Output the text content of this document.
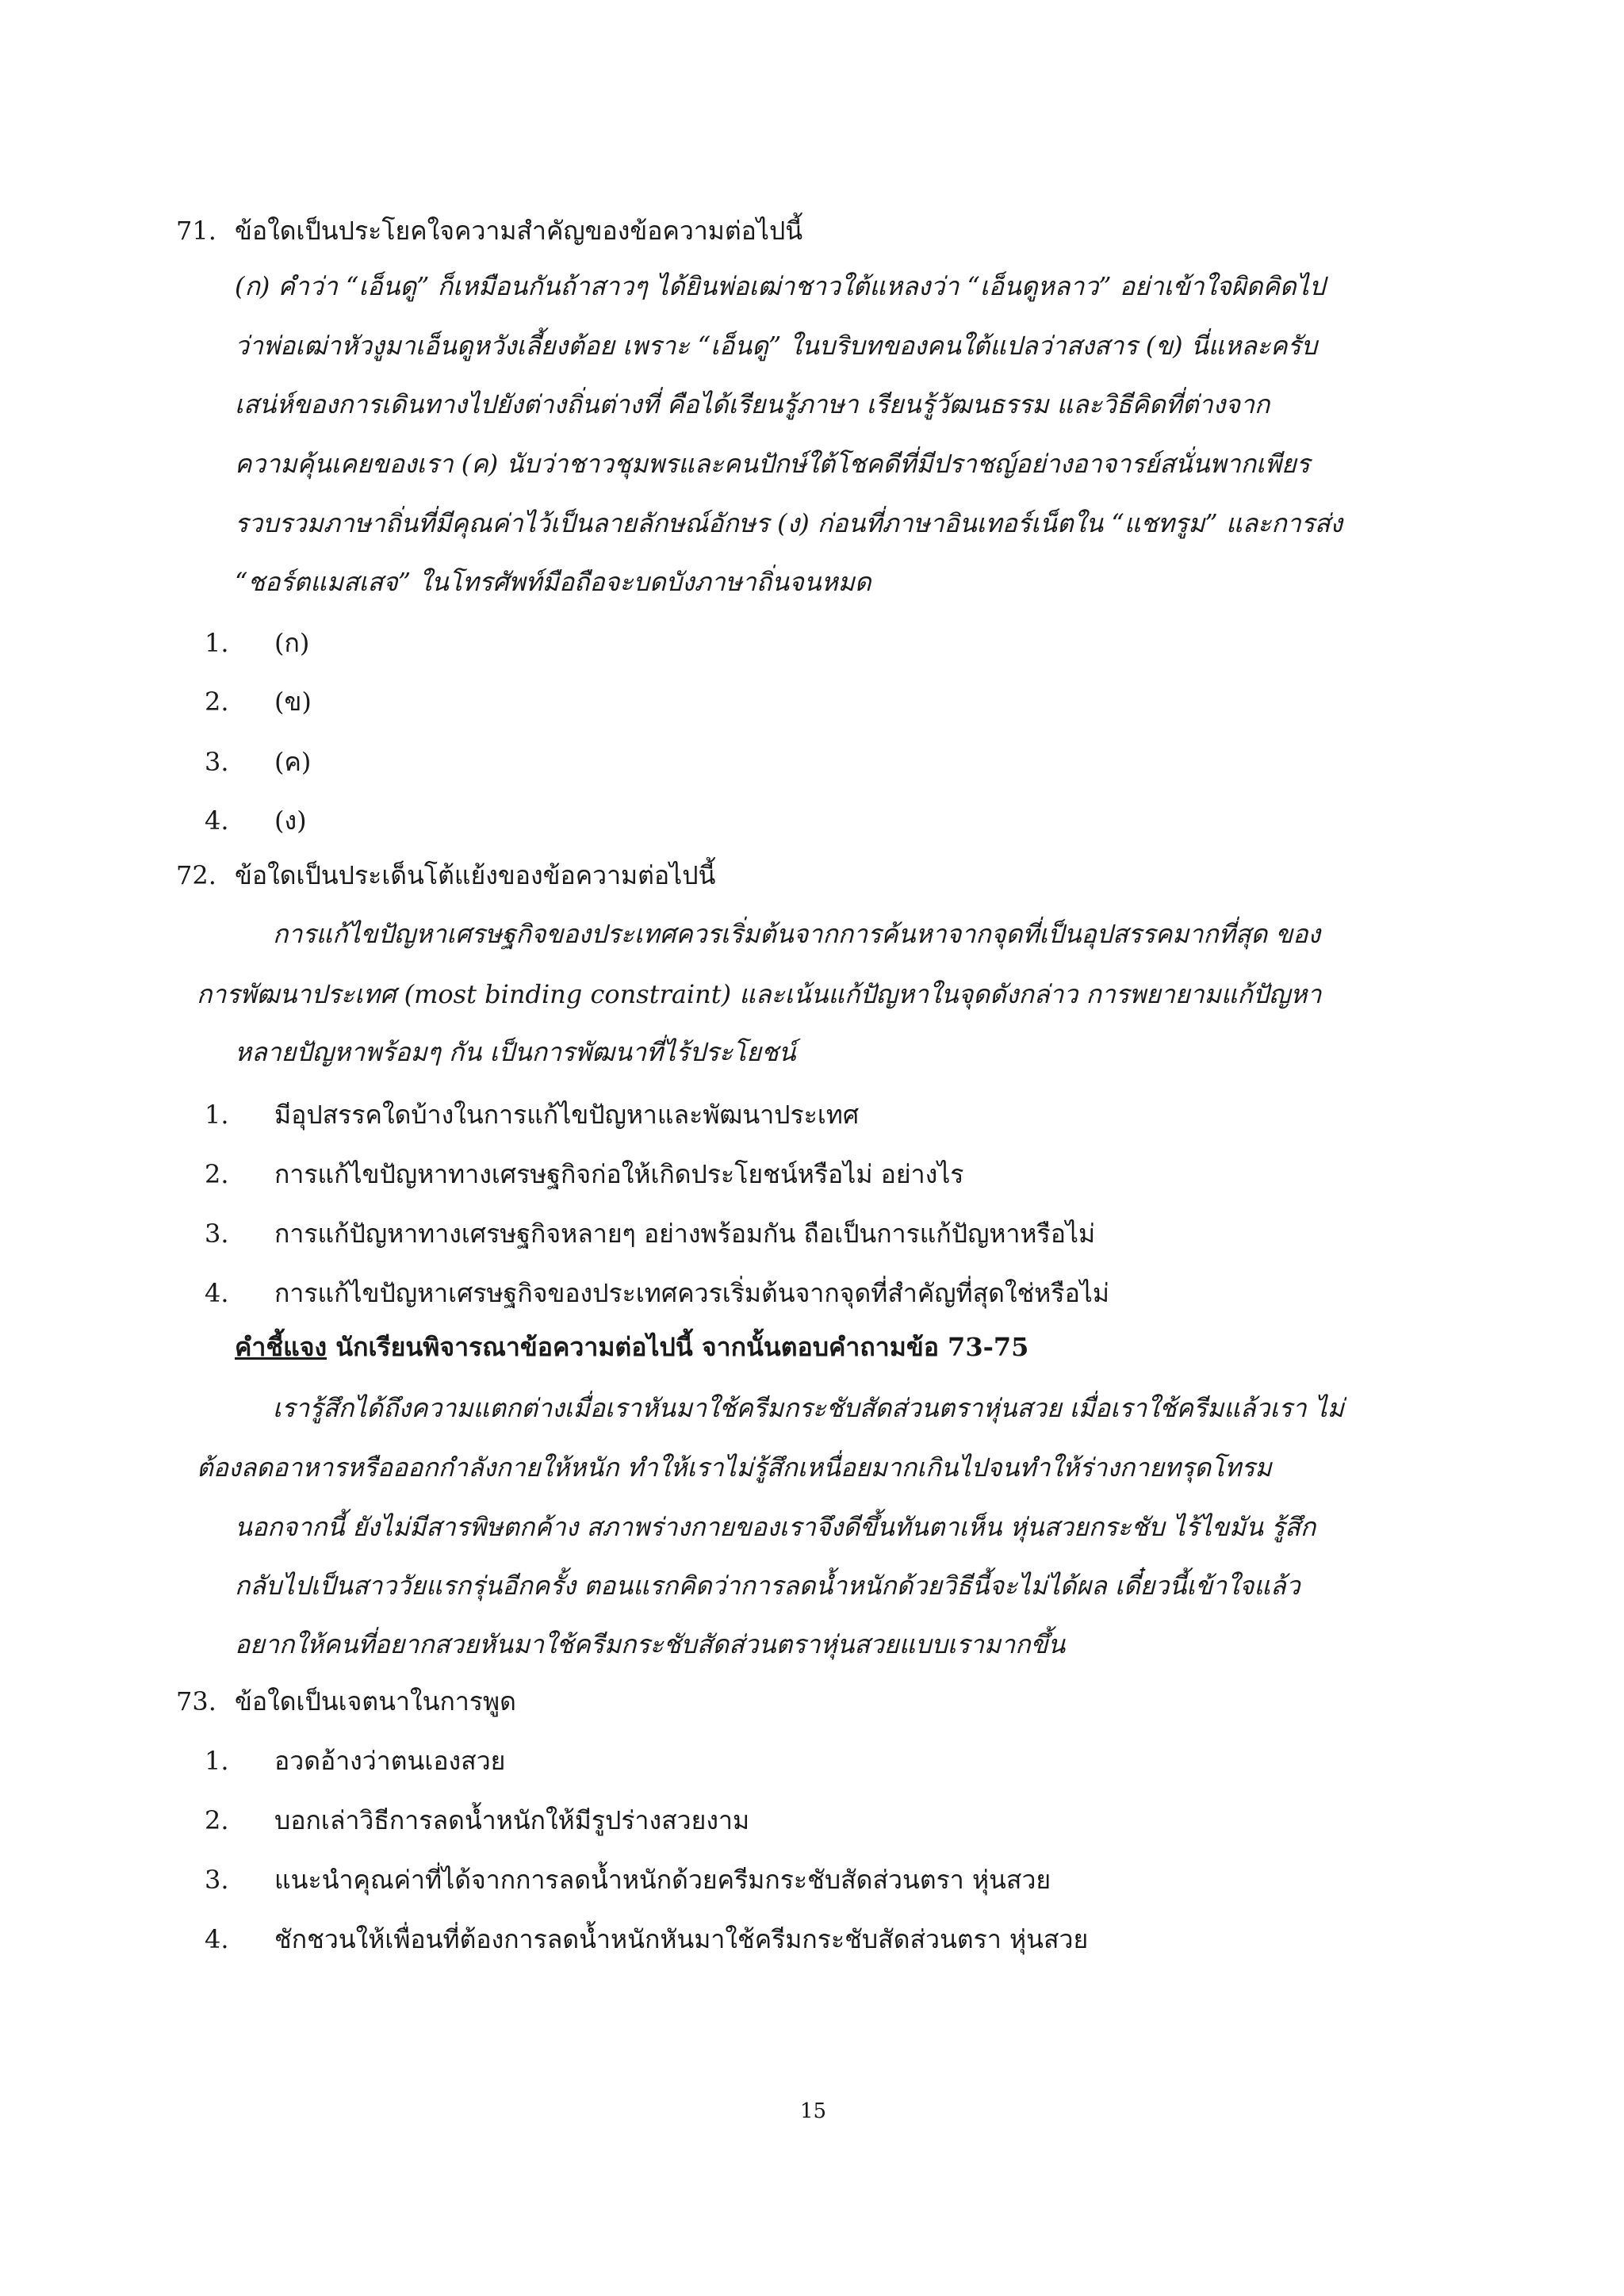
71. ข้อใดเป็นประโยคใจความสำคัญของข้อความต่อไปนี้
(ก) คำว่า “เอ็นดู” ก็เหมือนกันถ้าสาวๆ ได้ยินพ่อเฒ่าชาวใต้แหลงว่า “เอ็นดูหลาว” อย่าเข้าใจผิดคิดไป
ว่าพ่อเฒ่าหัวงูมาเอ็นดูหวังเลี้ยงต้อย เพราะ “เอ็นดู” ในบริบทของคนใต้แปลว่าสงสาร (ข) นี่แหละครับ
เสน่ห์ของการเดินทางไปยังต่างถิ่นต่างที่ คือได้เรียนรู้ภาษา เรียนรู้วัฒนธรรม และวิธีคิดที่ต่างจาก
ความคุ้นเคยของเรา (ค) นับว่าชาวชุมพรและคนปักษ์ใต้โชคดีที่มีปราชญ์อย่างอาจารย์สนั่นพากเพียร
รวบรวมภาษาถิ่นที่มีคุณค่าไว้เป็นลายลักษณ์อักษร (ง) ก่อนที่ภาษาอินเทอร์เน็ตใน “แชทรูม” และการส่ง
“ชอร์ตแมสเสจ” ในโทรศัพท์มือถือจะบดบังภาษาถิ่นจนหมด
1. (ก)
2. (ข)
3. (ค)
4. (ง)
72. ข้อใดเป็นประเด็นโต้แย้งของข้อความต่อไปนี้
การแก้ไขปัญหาเศรษฐกิจของประเทศควรเริ่มต้นจากการค้นหาจากจุดที่เป็นอุปสรรคมากที่สุด ของ
การพัฒนาประเทศ (most binding constraint) และเน้นแก้ปัญหาในจุดดังกล่าว การพยายามแก้ปัญหา
หลายปัญหาพร้อมๆ กัน เป็นการพัฒนาที่ไร้ประโยชน์
1. มีอุปสรรคใดบ้างในการแก้ไขปัญหาและพัฒนาประเทศ
2. การแก้ไขปัญหาทางเศรษฐกิจก่อให้เกิดประโยชน์หรือไม่ อย่างไร
3. การแก้ปัญหาทางเศรษฐกิจหลายๆ อย่างพร้อมกัน ถือเป็นการแก้ปัญหาหรือไม่
4. การแก้ไขปัญหาเศรษฐกิจของประเทศควรเริ่มต้นจากจุดที่สำคัญที่สุดใช่หรือไม่
คำชี้แจง นักเรียนพิจารณาข้อความต่อไปนี้ จากนั้นตอบคำถามข้อ 73-75
เรารู้สึกได้ถึงความแตกต่างเมื่อเราหันมาใช้ครีมกระชับสัดส่วนตราหุ่นสวย เมื่อเราใช้ครีมแล้วเรา ไม่
ต้องลดอาหารหรือออกกำลังกายให้หนัก ทำให้เราไม่รู้สึกเหนื่อยมากเกินไปจนทำให้ร่างกายทรุดโทรม
นอกจากนี้ ยังไม่มีสารพิษตกค้าง สภาพร่างกายของเราจึงดีขึ้นทันตาเห็น หุ่นสวยกระชับ ไร้ไขมัน รู้สึก
กลับไปเป็นสาววัยแรกรุ่นอีกครั้ง ตอนแรกคิดว่าการลดน้ำหนักด้วยวิธีนี้จะไม่ได้ผล เดี๋ยวนี้เข้าใจแล้ว
อยากให้คนที่อยากสวยหันมาใช้ครีมกระชับสัดส่วนตราหุ่นสวยแบบเรามากขึ้น
73. ข้อใดเป็นเจตนาในการพูด
1. อวดอ้างว่าตนเองสวย
2. บอกเล่าวิธีการลดน้ำหนักให้มีรูปร่างสวยงาม
3. แนะนำคุณค่าที่ได้จากการลดน้ำหนักด้วยครีมกระชับสัดส่วนตรา หุ่นสวย
4. ชักชวนให้เพื่อนที่ต้องการลดน้ำหนักหันมาใช้ครีมกระชับสัดส่วนตรา หุ่นสวย
15
